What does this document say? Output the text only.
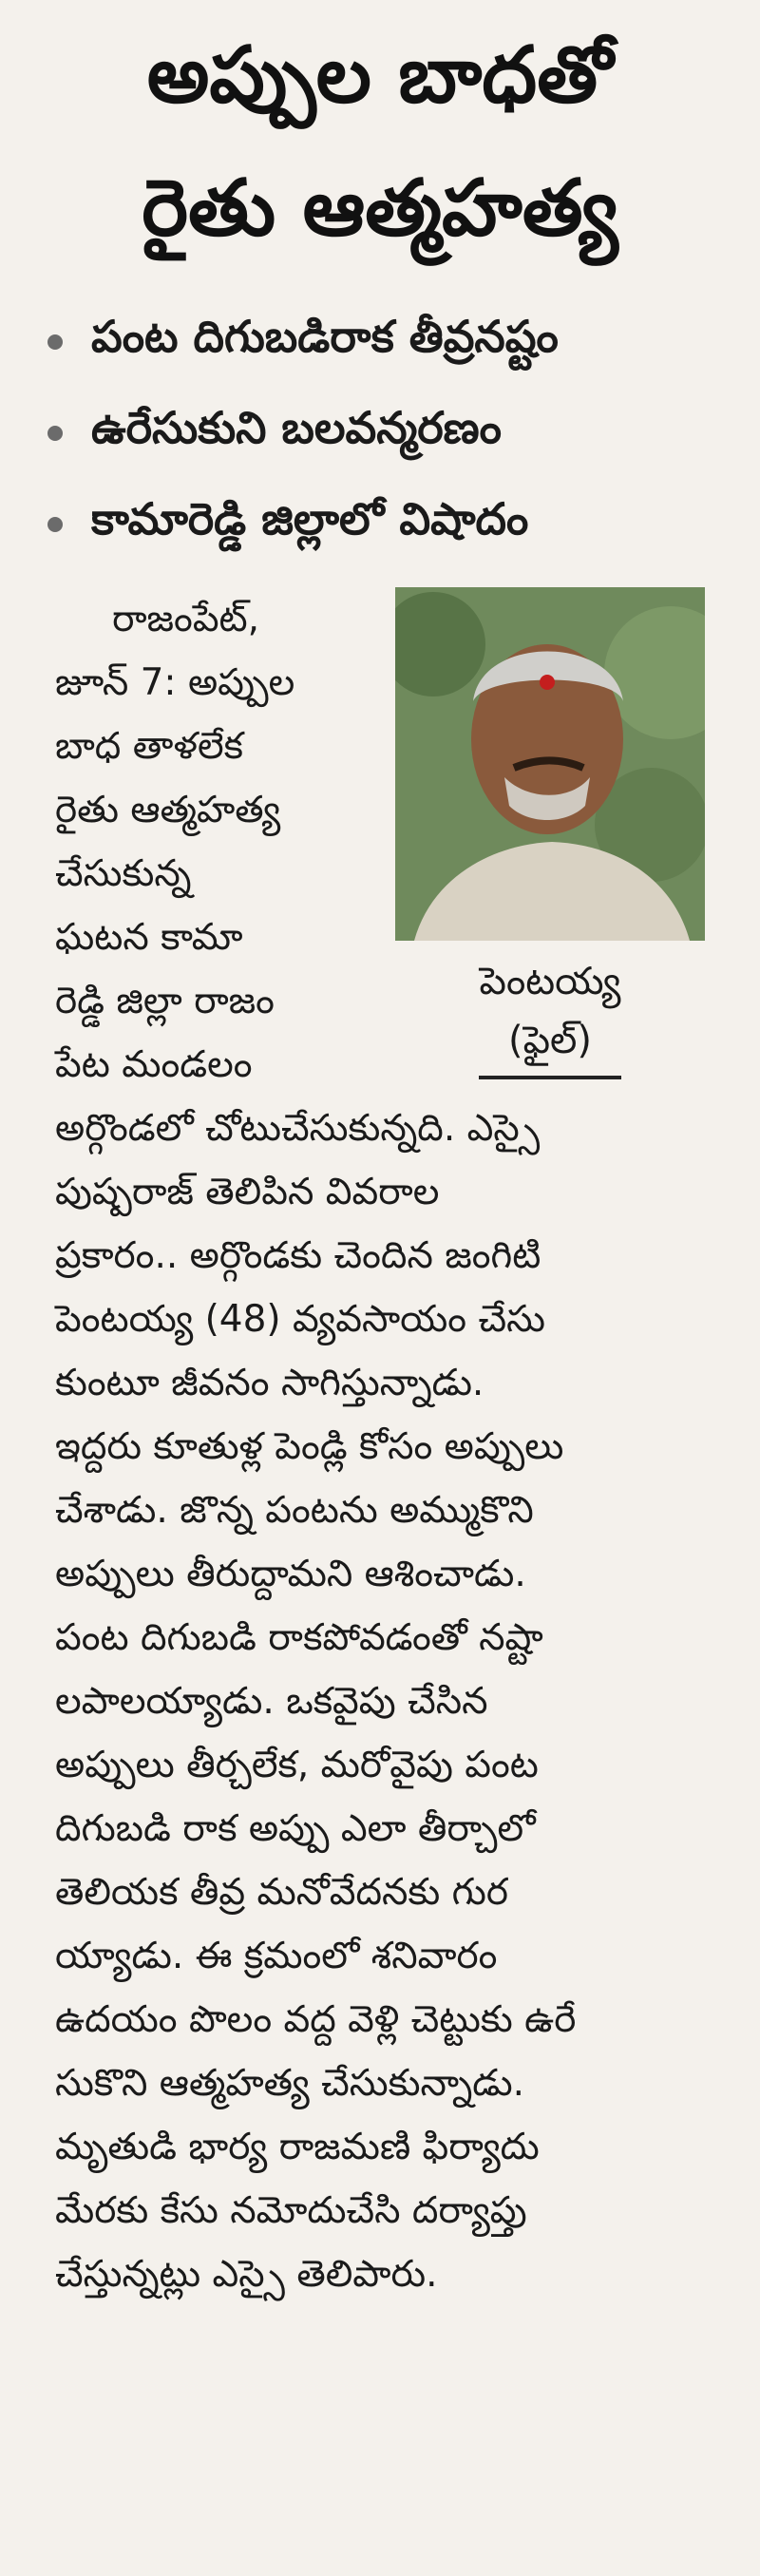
అప్పుల బాధతో
రైతు ఆత్మహత్య
పంట దిగుబడిరాక తీవ్రనష్టం
ఉరేసుకుని బలవన్మరణం
కామారెడ్డి జిల్లాలో విషాదం
పెంటయ్య
(ఫైల్)
రాజంపేట్,
జూన్ 7: అప్పుల
బాధ తాళలేక
రైతు ఆత్మహత్య
చేసుకున్న
ఘటన కామా
రెడ్డి జిల్లా రాజం
పేట మండలం
అర్గొండలో చోటుచేసుకున్నది. ఎస్సై
పుష్పరాజ్ తెలిపిన వివరాల
ప్రకారం.. అర్గొండకు చెందిన జంగిటి
పెంటయ్య (48) వ్యవసాయం చేసు
కుంటూ జీవనం సాగిస్తున్నాడు.
ఇద్దరు కూతుళ్ల పెండ్లి కోసం అప్పులు
చేశాడు. జొన్న పంటను అమ్ముకొని
అప్పులు తీరుద్దామని ఆశించాడు.
పంట దిగుబడి రాకపోవడంతో నష్టా
లపాలయ్యాడు. ఒకవైపు చేసిన
అప్పులు తీర్చలేక, మరోవైపు పంట
దిగుబడి రాక అప్పు ఎలా తీర్చాలో
తెలియక తీవ్ర మనోవేదనకు గుర
య్యాడు. ఈ క్రమంలో శనివారం
ఉదయం పొలం వద్ద వెళ్లి చెట్టుకు ఉరే
సుకొని ఆత్మహత్య చేసుకున్నాడు.
మృతుడి భార్య రాజమణి ఫిర్యాదు
మేరకు కేసు నమోదుచేసి దర్యాప్తు
చేస్తున్నట్లు ఎస్సై తెలిపారు.
